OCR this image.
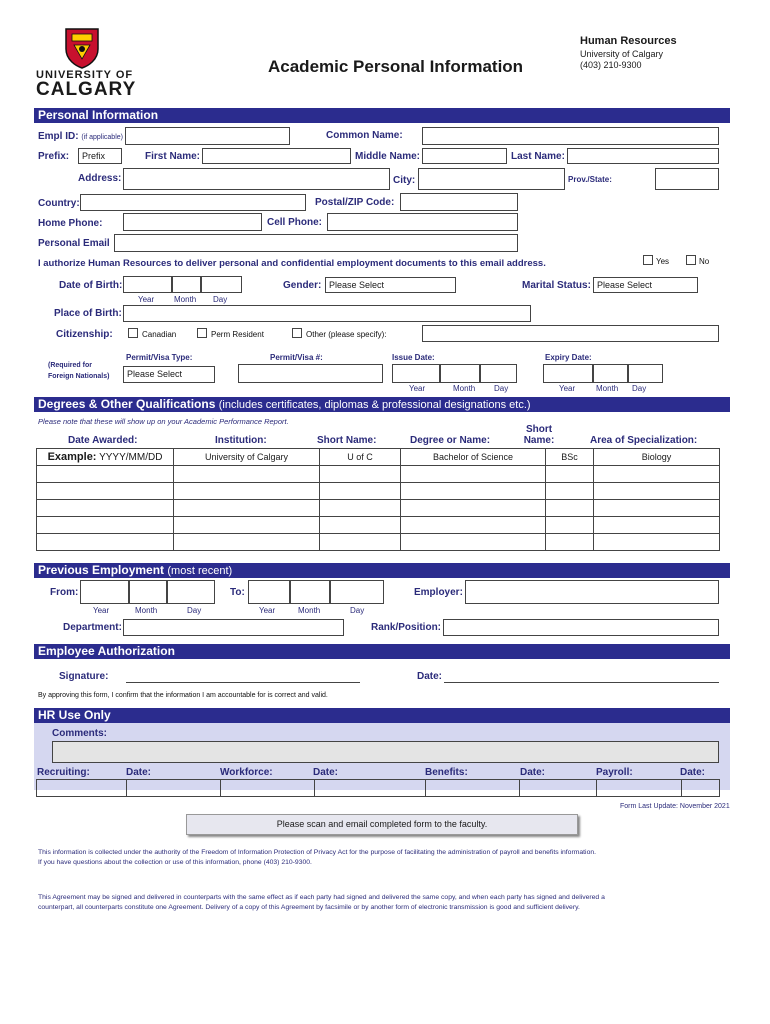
UNIVERSITY OF
CALGARY
Academic Personal Information
Human Resources
University of Calgary
(403) 210-9300
Personal Information
Empl ID: (if applicable)	Common Name:
Prefix:	Prefix	First Name:	Middle Name:	Last Name:
Address:	City:	Prov./State:
Country:	Postal/ZIP Code:
Home Phone:	Cell Phone:
Personal Email
I authorize Human Resources to deliver personal and confidential employment documents to this email address.	Yes	No
Date of Birth:
Year Month Day
Gender: Please Select	Marital Status: Please Select
Place of Birth:
Citizenship:	Canadian	Perm Resident	Other (please specify):
Permit/Visa Type:	Permit/Visa #:	Issue Date:	Expiry Date:
(Required for
Foreign Nationals)	Please Select
Year	Month Day	Year	Month Day
Degrees & Other Qualifications (includes certificates, diplomas & professional designations etc.)
Please note that these will show up on your Academic Performance Report.
Date Awarded:	Institution:	Short Name:	Degree or Name:
Short Name:	Area of Specialization:
Example: YYYY/MM/DD	University of Calgary	U of C	Bachelor of Science	BSc	Biology

Previous Employment (most recent)
From:	To:	Employer:
Year	Month	Day	Year	Month	Day
Department:	Rank/Position:
Employee Authorization
Signature:	Date:
By approving this form, I confirm that the information I am accountable for is correct and valid.
HR Use Only
Comments:
Recruiting:	Date:	Workforce:	Date:	Benefits:	Date:	Payroll:	Date:

Form Last Update: November 2021
Please scan and email completed form to the faculty.
This information is collected under the authority of the Freedom of Information Protection of Privacy Act for the purpose of facilitating the administration of payroll and benefits information.
If you have questions about the collection or use of this information, phone (403) 210-9300.
This Agreement may be signed and delivered in counterparts with the same effect as if each party had signed and delivered the same copy, and when each party has signed and delivered a
counterpart, all counterparts constitute one Agreement. Delivery of a copy of this Agreement by facsimile or by another form of electronic transmission is good and sufficient delivery.
